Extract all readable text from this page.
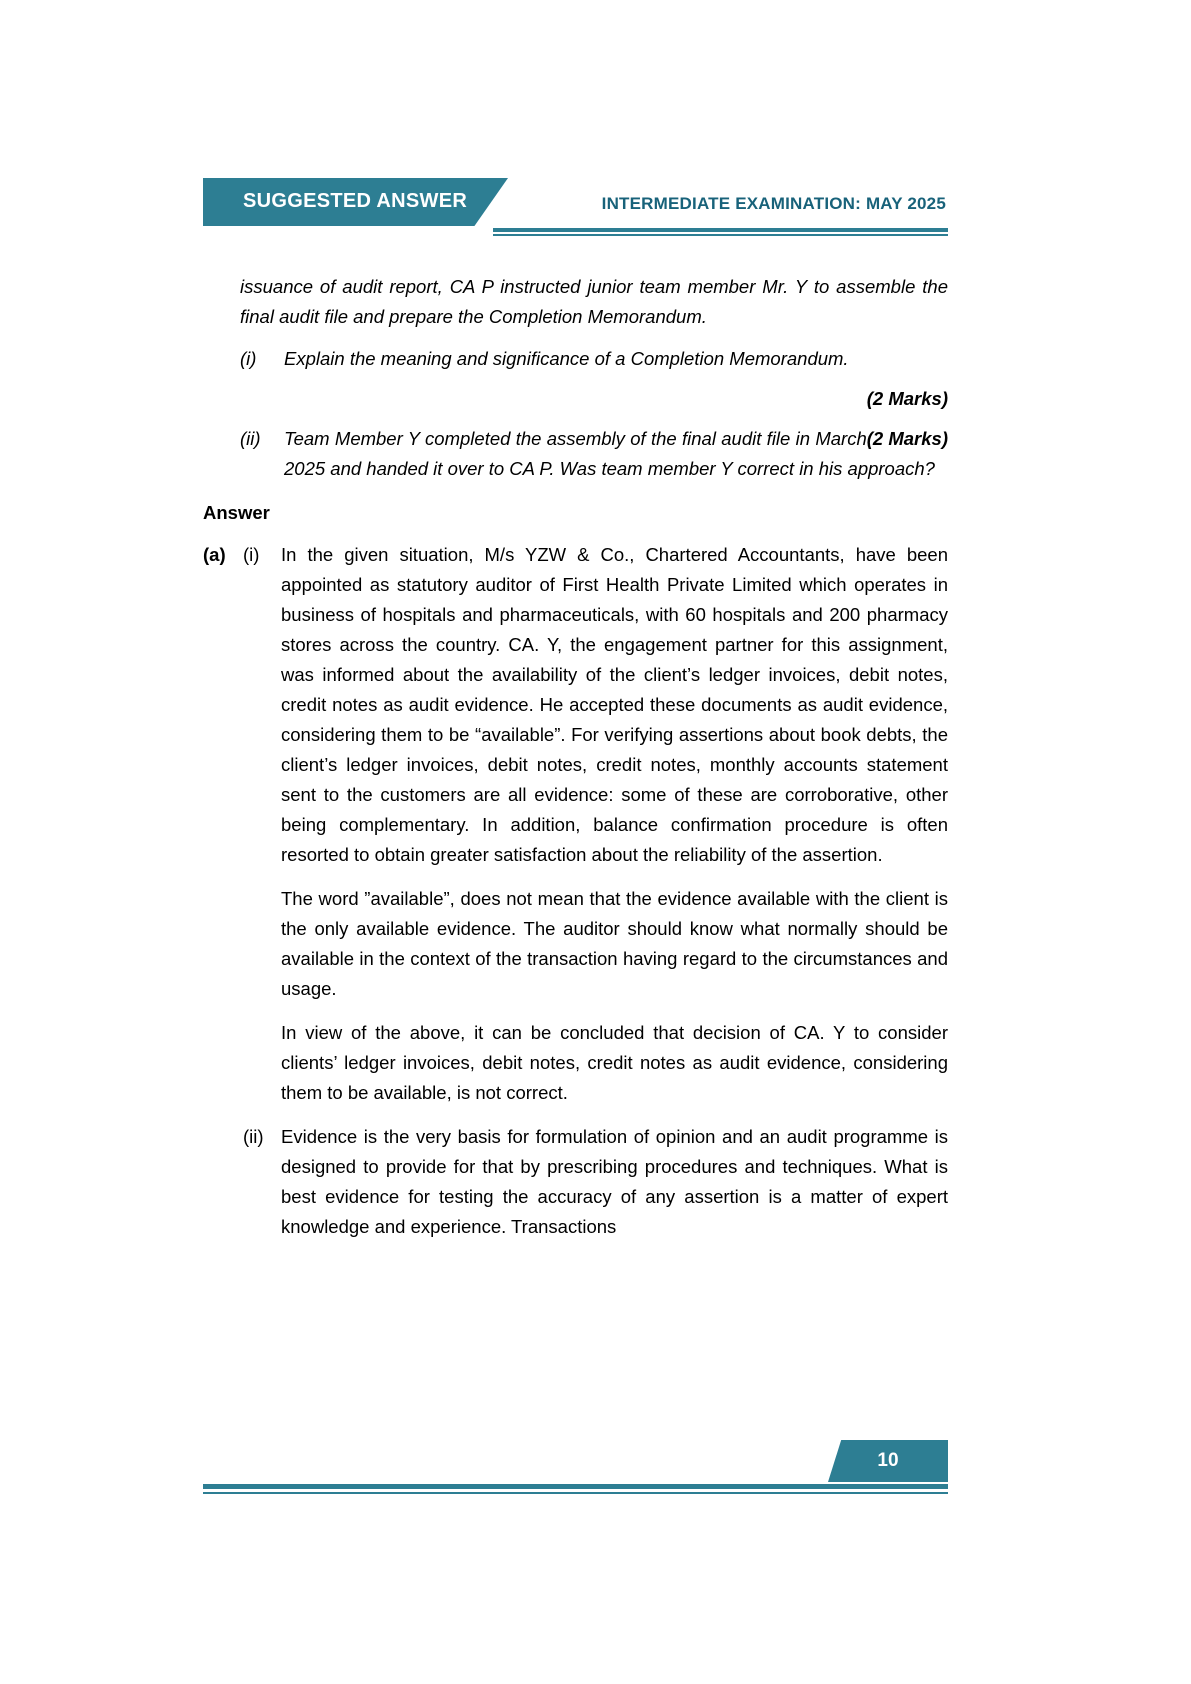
SUGGESTED ANSWER	INTERMEDIATE EXAMINATION: MAY 2025

issuance of audit report, CA P instructed junior team member Mr. Y to assemble the final audit file and prepare the Completion Memorandum.

(i)	Explain the meaning and significance of a Completion Memorandum.
(2 Marks)
(ii)	(2 Marks)
Team Member Y completed the assembly of the final audit file in March 2025 and handed it over to CA P. Was team member Y correct in his approach?
Answer
(a) (i)	In the given situation, M/s YZW & Co., Chartered Accountants, have been appointed as statutory auditor of First Health Private Limited which operates in business of hospitals and pharmaceuticals, with 60 hospitals and 200 pharmacy stores across the country. CA. Y, the engagement partner for this assignment, was informed about the availability of the client’s ledger invoices, debit notes, credit notes as audit evidence. He accepted these documents as audit evidence, considering them to be “available”. For verifying assertions about book debts, the client’s ledger invoices, debit notes, credit notes, monthly accounts statement sent to the customers are all evidence: some of these are corroborative, other being complementary. In addition, balance confirmation procedure is often resorted to obtain greater satisfaction about the reliability of the assertion.
The word ”available”, does not mean that the evidence available with the client is the only available evidence. The auditor should know what normally should be available in the context of the transaction having regard to the circumstances and usage.
In view of the above, it can be concluded that decision of CA. Y to consider clients’ ledger invoices, debit notes, credit notes as audit evidence, considering them to be available, is not correct.
(ii) Evidence is the very basis for formulation of opinion and an audit programme is designed to provide for that by prescribing procedures and techniques. What is best evidence for testing the accuracy of any assertion is a matter of expert knowledge and experience. Transactions
10
